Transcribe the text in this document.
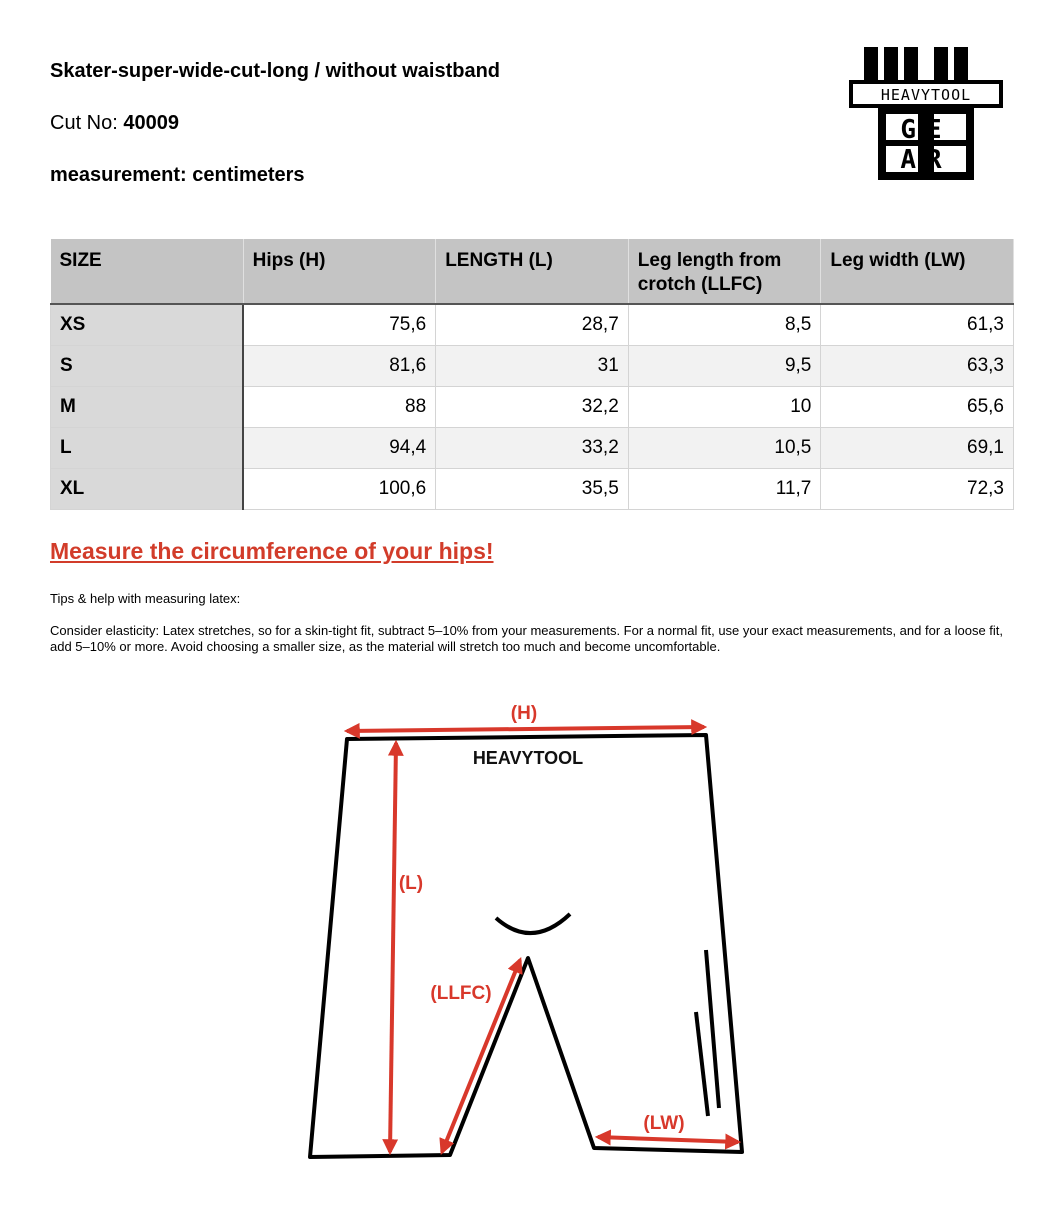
Skater-super-wide-cut-long / without waistband

Cut No: 40009

measurement: centimeters

HEAVYTOOL
GE
AR
SIZE	Hips (H)	LENGTH (L)	Leg length from crotch (LLFC)	Leg width (LW)
XS	75,6	28,7	8,5	61,3
S	81,6	31	9,5	63,3
M	88	32,2	10	65,6
L	94,4	33,2	10,5	69,1
XL	100,6	35,5	11,7	72,3

Measure the circumference of your hips!

Tips & help with measuring latex:

Consider elasticity: Latex stretches, so for a skin-tight fit, subtract 5–10% from your measurements. For a normal fit, use your exact measurements, and for a loose fit, add 5–10% or more. Avoid choosing a smaller size, as the material will stretch too much and become uncomfortable.

HEAVYTOOL
(H)
(L)
(LLFC)
(LW)
